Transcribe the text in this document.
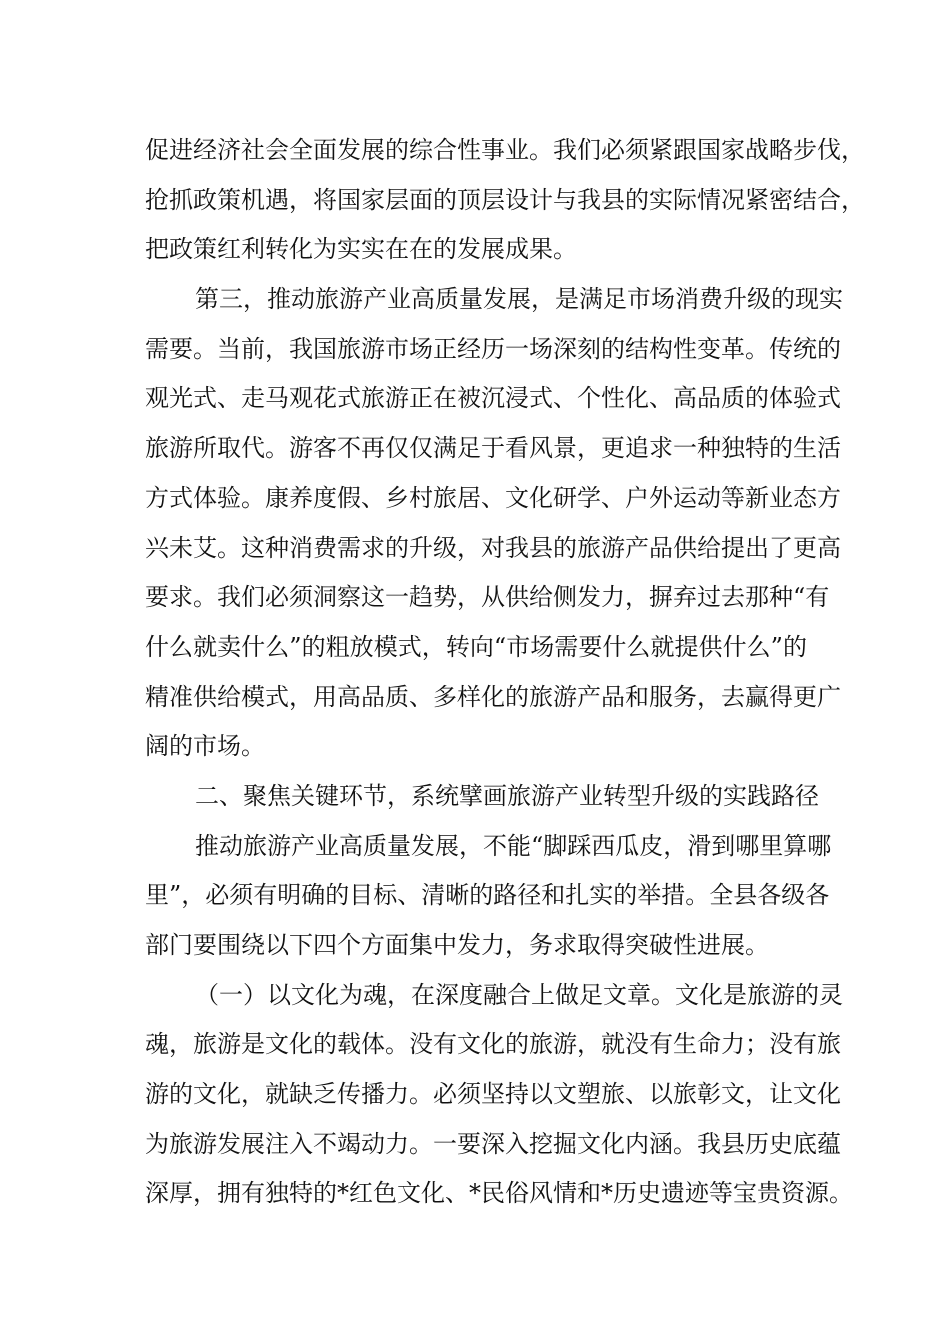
促进经济社会全面发展的综合性事业。我们必须紧跟国家战略步伐，
抢抓政策机遇，将国家层面的顶层设计与我县的实际情况紧密结合，
把政策红利转化为实实在在的发展成果。
第三，推动旅游产业高质量发展，是满足市场消费升级的现实
需要。当前，我国旅游市场正经历一场深刻的结构性变革。传统的
观光式、走马观花式旅游正在被沉浸式、个性化、高品质的体验式
旅游所取代。游客不再仅仅满足于看风景，更追求一种独特的生活
方式体验。康养度假、乡村旅居、文化研学、户外运动等新业态方
兴未艾。这种消费需求的升级，对我县的旅游产品供给提出了更高
要求。我们必须洞察这一趋势，从供给侧发力，摒弃过去那种“有
什么就卖什么”的粗放模式，转向“市场需要什么就提供什么”的
精准供给模式，用高品质、多样化的旅游产品和服务，去赢得更广
阔的市场。
二、聚焦关键环节，系统擘画旅游产业转型升级的实践路径
推动旅游产业高质量发展，不能“脚踩西瓜皮，滑到哪里算哪
里”，必须有明确的目标、清晰的路径和扎实的举措。全县各级各
部门要围绕以下四个方面集中发力，务求取得突破性进展。
（一）以文化为魂，在深度融合上做足文章。文化是旅游的灵
魂，旅游是文化的载体。没有文化的旅游，就没有生命力；没有旅
游的文化，就缺乏传播力。必须坚持以文塑旅、以旅彰文，让文化
为旅游发展注入不竭动力。一要深入挖掘文化内涵。我县历史底蕴
深厚，拥有独特的*红色文化、*民俗风情和*历史遗迹等宝贵资源。
